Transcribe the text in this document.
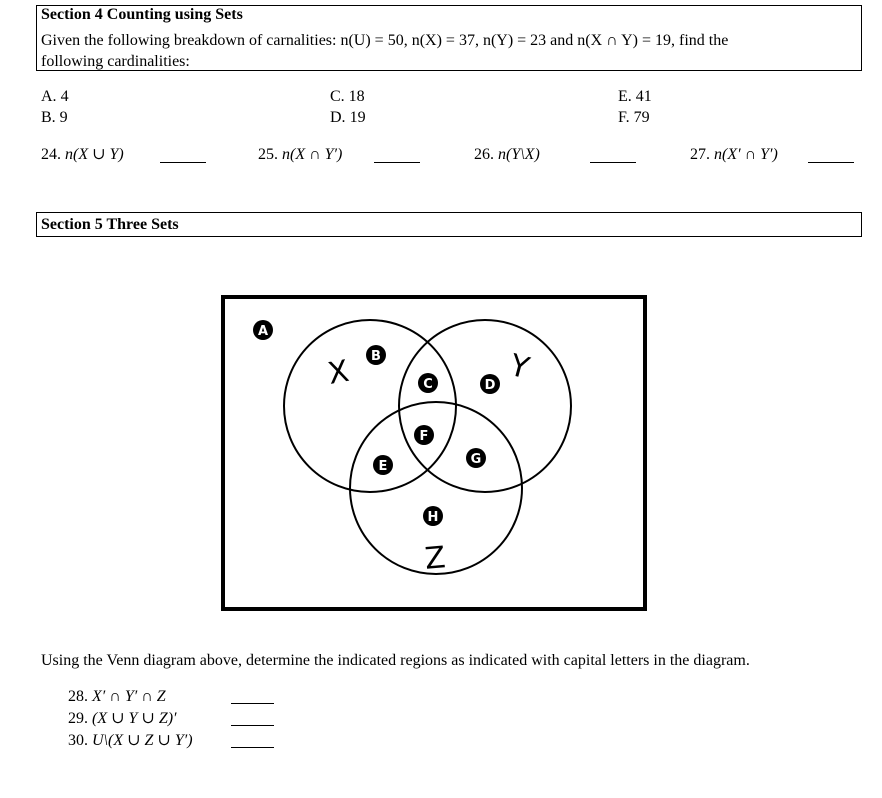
Section 4 Counting using Sets
Given the following breakdown of carnalities: n(U) = 50, n(X) = 37, n(Y) = 23 and n(X ∩ Y) = 19, find the
following cardinalities:
A. 4
B. 9
C. 18
D. 19
E. 41
F. 79
24. n(X ∪ Y)	25. n(X ∩ Y′)	26. n(Y\X)	27. n(X′ ∩ Y′)
Section 5 Three Sets
X	Y
Z
A
B
C	D
E
F
G
H
Using the Venn diagram above, determine the indicated regions as indicated with capital letters in the diagram.
28. X′ ∩ Y′ ∩ Z
29. (X ∪ Y ∪ Z)′
30. U\(X ∪ Z ∪ Y′)
